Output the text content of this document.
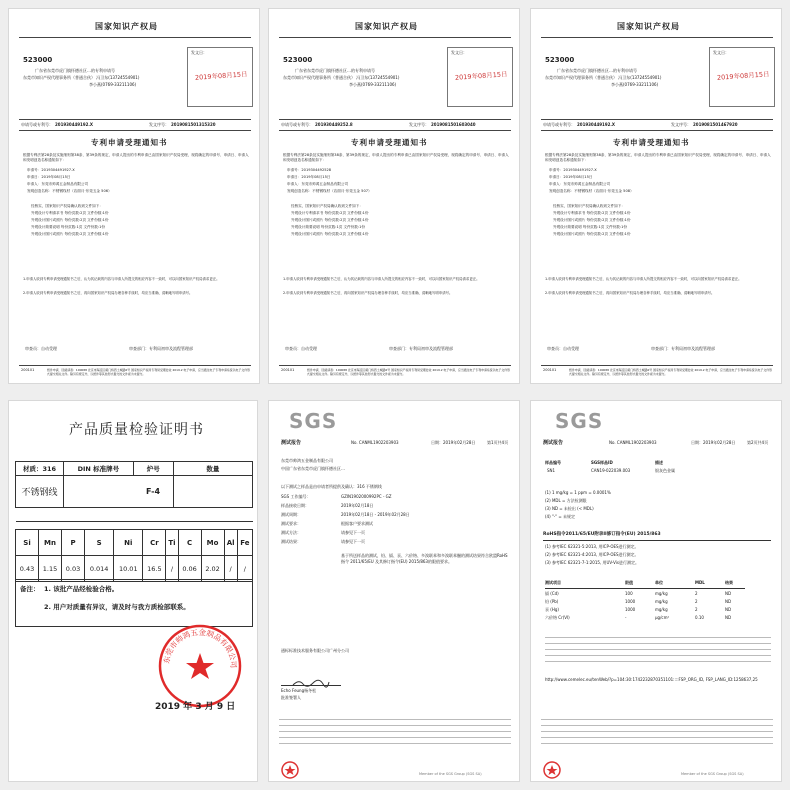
国家知识产权局
523000
广东省东莞市虎门镇怀德社区…的专利申请号
东莞市知识产权代理事务所（普通合伙） 冯卫东(13724554901)
李小燕(0769-33211106)
发文日：
2019年08月15日
申请号或专利号： 201930449192.X	发文序号： 2019081501315320
专利申请受理通知书
根据专利法第28条及实施细则第38条、第39条的规定，申请人提出的专利申请已由国家知识产权局受理，现将确定的申请号、申请日、申请人和发明创造名称通知如下：
申请号：2019304491927.X
申请日：2019年08月15日
申请人：东莞市帅鸿五金制品有限公司
发明创造名称：不锈钢线材（店面月·东莞五金 506）
经核实，国家知识产权局确认收到文件如下：
外观设计专利请求书 每份页数:2页 文件份数:1份
外观设计图片或照片 每份页数:2页 文件份数:1份
外观设计简要说明 每份页数:1页 文件份数:1份
外观设计图片或照片 每份页数:2页 文件份数:1份
1.申请人收到专利申请受理通知书之后，认为其记载的内容与申请人所提交的相应内容不一致时，可以向国家知识产权局请求更正。
2.申请人收到专利申请受理通知书之后，再向国家知识产权局办理各种手续时，均应当准确、清晰地写明申请号。
审查员：自动受理	审查部门：专利局初审及流程管理部
200101	纸件申请，回函请寄：100088 北京市海淀区蓟门桥西土城路6号 国家知识产权局专利局受理处收 2019.2 电子申请，应当通过电子专利申请系统以电子文件形式提交相关文件。除另有规定外，以纸件等其他形式提交的文件视为未提交。
国家知识产权局
523000
广东省东莞市虎门镇怀德社区…的专利申请号
东莞市知识产权代理事务所（普通合伙） 冯卫东(13724554901)
李小燕(0769-33211106)
发文日：
2019年08月15日
申请号或专利号： 201930449252.8	发文序号： 2019081501603040
专利申请受理通知书
根据专利法第28条及实施细则第38条、第39条的规定，申请人提出的专利申请已由国家知识产权局受理，现将确定的申请号、申请日、申请人和发明创造名称通知如下：
申请号：2019304492528
申请日：2019年08月15日
申请人：东莞市帅鸿五金制品有限公司
发明创造名称：不锈钢线材（店面月·东莞五金 507）
经核实，国家知识产权局确认收到文件如下：
外观设计专利请求书 每份页数:2页 文件份数:1份
外观设计图片或照片 每份页数:2页 文件份数:1份
外观设计简要说明 每份页数:1页 文件份数:1份
外观设计图片或照片 每份页数:2页 文件份数:1份
1.申请人收到专利申请受理通知书之后，认为其记载的内容与申请人所提交的相应内容不一致时，可以向国家知识产权局请求更正。
2.申请人收到专利申请受理通知书之后，再向国家知识产权局办理各种手续时，均应当准确、清晰地写明申请号。
审查员：自动受理	审查部门：专利局初审及流程管理部
200101	纸件申请，回函请寄：100088 北京市海淀区蓟门桥西土城路6号 国家知识产权局专利局受理处收 2019.2 电子申请，应当通过电子专利申请系统以电子文件形式提交相关文件。除另有规定外，以纸件等其他形式提交的文件视为未提交。
国家知识产权局
523000
广东省东莞市虎门镇怀德社区…的专利申请号
东莞市知识产权代理事务所（普通合伙） 冯卫东(13724554901)
李小燕(0769-33211106)
发文日：
2019年08月15日
申请号或专利号： 201930449192.X	发文序号： 2019081501467920
专利申请受理通知书
根据专利法第28条及实施细则第38条、第39条的规定，申请人提出的专利申请已由国家知识产权局受理，现将确定的申请号、申请日、申请人和发明创造名称通知如下：
申请号：2019304491927.X
申请日：2019年08月15日
申请人：东莞市帅鸿五金制品有限公司
发明创造名称：不锈钢线材（店面月·东莞五金 508）
经核实，国家知识产权局确认收到文件如下：
外观设计专利请求书 每份页数:2页 文件份数:1份
外观设计图片或照片 每份页数:2页 文件份数:1份
外观设计简要说明 每份页数:1页 文件份数:1份
外观设计图片或照片 每份页数:2页 文件份数:1份
1.申请人收到专利申请受理通知书之后，认为其记载的内容与申请人所提交的相应内容不一致时，可以向国家知识产权局请求更正。
2.申请人收到专利申请受理通知书之后，再向国家知识产权局办理各种手续时，均应当准确、清晰地写明申请号。
审查员：自动受理	审查部门：专利局初审及流程管理部
200101	纸件申请，回函请寄：100088 北京市海淀区蓟门桥西土城路6号 国家知识产权局专利局受理处收 2019.2 电子申请，应当通过电子专利申请系统以电子文件形式提交相关文件。除另有规定外，以纸件等其他形式提交的文件视为未提交。
产品质量检验证明书
材质：316	DIN 标准牌号	炉号	数量
不锈钢线		F-4	

Si	Mn	P	S	Ni	Cr	Ti	C	Mo	Al	Fe
0.43	1.15	0.03	0.014	10.01	16.5	/	0.06	2.02	/	/
备注： 1. 该批产品经检验合格。
2. 用户对质量有异议，请及时与我方质检部联系。
东莞市帅鸿五金制品有限公司
2019 年 3 月 9 日
SGS
测试报告	No. CANML1902203903	日期：2019年02月28日	第1页共4页
东莞市帅鸿五金制品有限公司
中国广东省东莞市虎门镇怀德社区…
以下测试之样品是由申请者所提供及确认：316 不锈钢线
SGS 工作编号：	GZIN1902000992PC - GZ
样品接收日期：	2019年02月18日
测试周期：	2019年02月18日 - 2019年02月28日
测试要求：	根据客户要求测试
测试方法：	请参见下一页
测试结果：	请参见下一页
基于所送样品的测试，铅、镉、汞、六价铬、多溴联苯和多溴联苯醚的测试结果符合欧盟RoHS指令 2011/65/EU 及其修订指令(EU) 2015/863的限值要求。
通标标准技术服务有限公司广州分公司
Echo Feung杨冬松
批准签署人
Member of the SGS Group (SGS SA)
SGS
测试报告	No. CANML1902203903	日期：2019年02月28日	第2页共4页
样品编号	SGS样品ID	描述
SN1	CAN19-022039.003	银灰色金属
(1) 1 mg/kg = 1 ppm = 0.0001%
(2) MDL = 方法检测限
(3) ND = 未检出 (< MDL)
(4) "-" = 未规定
RoHS指令2011/65/EU附录II修订指令(EU) 2015/863
(1) 参考IEC 62321-5:2013, 用ICP-OES进行测定。
(2) 参考IEC 62321-4:2013, 用ICP-OES进行测定。
(3) 参考IEC 62321-7-1:2015, 用UV-Vis进行测定。
测试项目	限值	单位	MDL	结果
镉 (Cd)	100	mg/kg	2	ND
铅 (Pb)	1000	mg/kg	2	ND
汞 (Hg)	1000	mg/kg	2	ND
六价铬 Cr(VI)	-	μg/cm²	0.10	ND
http://www.cemelec.eu/tenWeb/?p=104:30:1742232870351101::::FSP_ORG_ID, FSP_LANG_ID:1258637,25
Member of the SGS Group (SGS SA)
